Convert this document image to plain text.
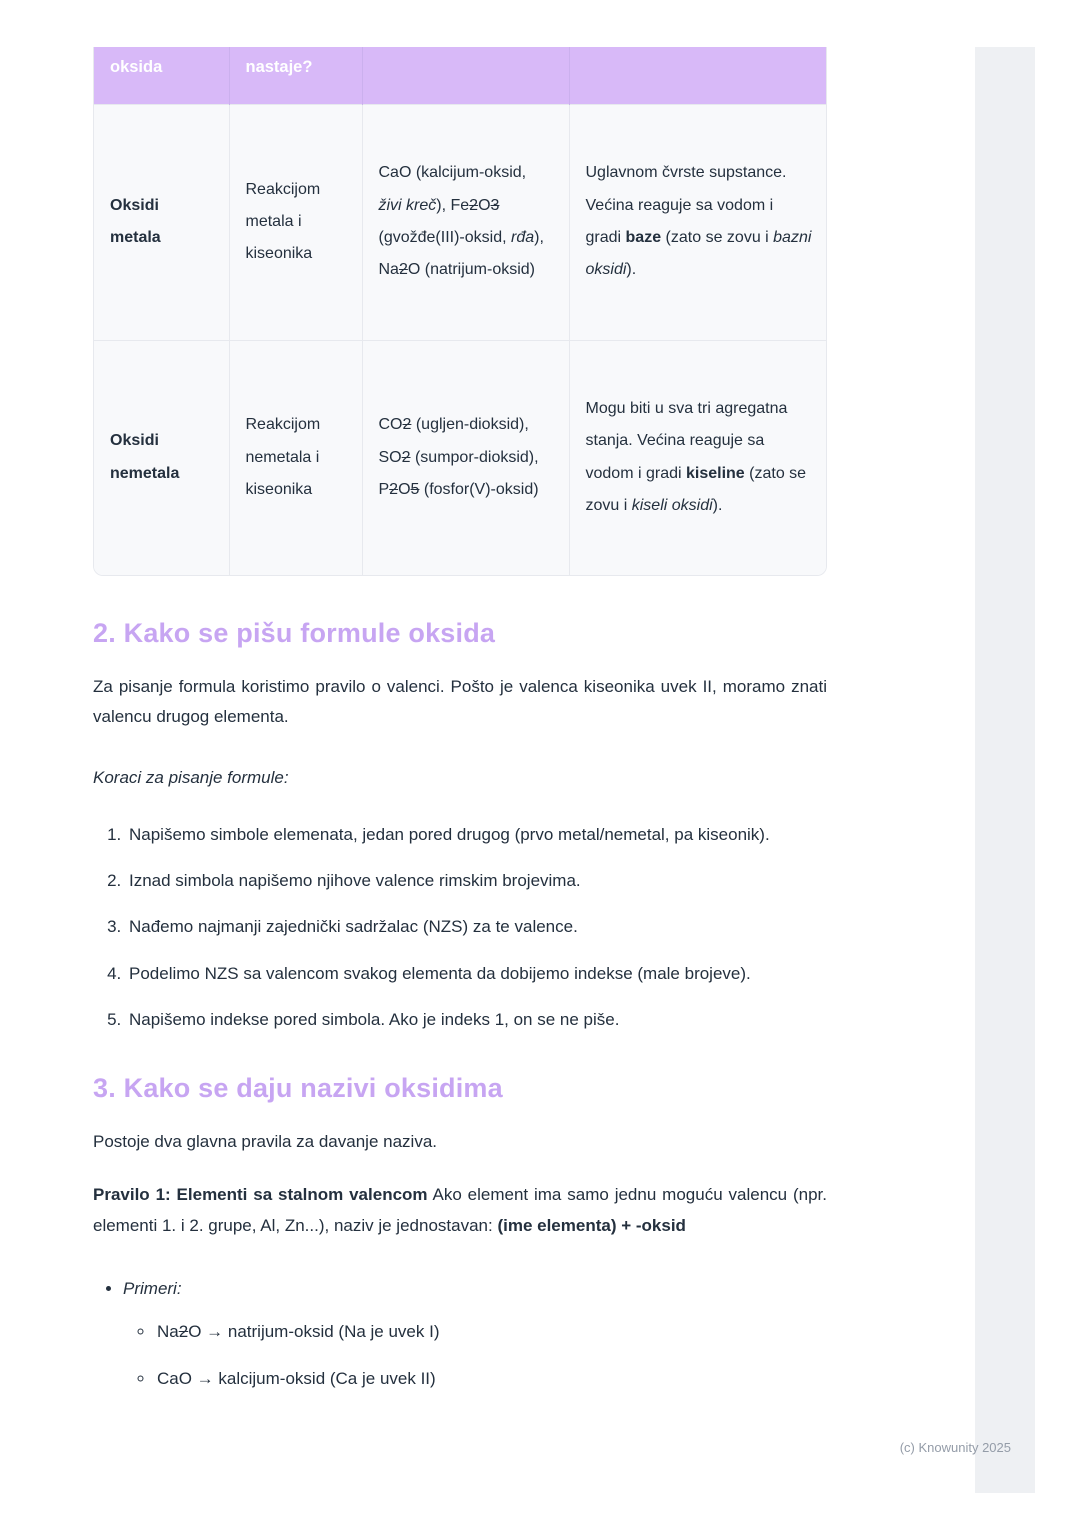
oksida	nastaje?		
Oksidi metala	Reakcijom metala i kiseonika	CaO (kalcijum-oksid, živi kreč), Fe2O3 (gvožđe(III)-oksid, rđa), Na2O (natrijum-oksid)	Uglavnom čvrste supstance. Većina reaguje sa vodom i gradi baze (zato se zovu i bazni oksidi).
Oksidi nemetala	Reakcijom nemetala i kiseonika	CO2 (ugljen-dioksid), SO2 (sumpor-dioksid), P2O5 (fosfor(V)-oksid)	Mogu biti u sva tri agregatna stanja. Većina reaguje sa vodom i gradi kiseline (zato se zovu i kiseli oksidi).
2. Kako se pišu formule oksida

Za pisanje formula koristimo pravilo o valenci. Pošto je valenca kiseonika uvek II, moramo znati valencu drugog elementa.

Koraci za pisanje formule:

1. Napišemo simbole elemenata, jedan pored drugog (prvo metal/nemetal, pa kiseonik).
2. Iznad simbola napišemo njihove valence rimskim brojevima.
3. Nađemo najmanji zajednički sadržalac (NZS) za te valence.
4. Podelimo NZS sa valencom svakog elementa da dobijemo indekse (male brojeve).
5. Napišemo indekse pored simbola. Ako je indeks 1, on se ne piše.
3. Kako se daju nazivi oksidima

Postoje dva glavna pravila za davanje naziva.

Pravilo 1: Elementi sa stalnom valencom Ako element ima samo jednu moguću valencu (npr. elementi 1. i 2. grupe, Al, Zn...), naziv je jednostavan: (ime elementa) + -oksid

• Primeri:
◦ Na2O → natrijum-oksid (Na je uvek I)
◦ CaO → kalcijum-oksid (Ca je uvek II)
(c) Knowunity 2025
